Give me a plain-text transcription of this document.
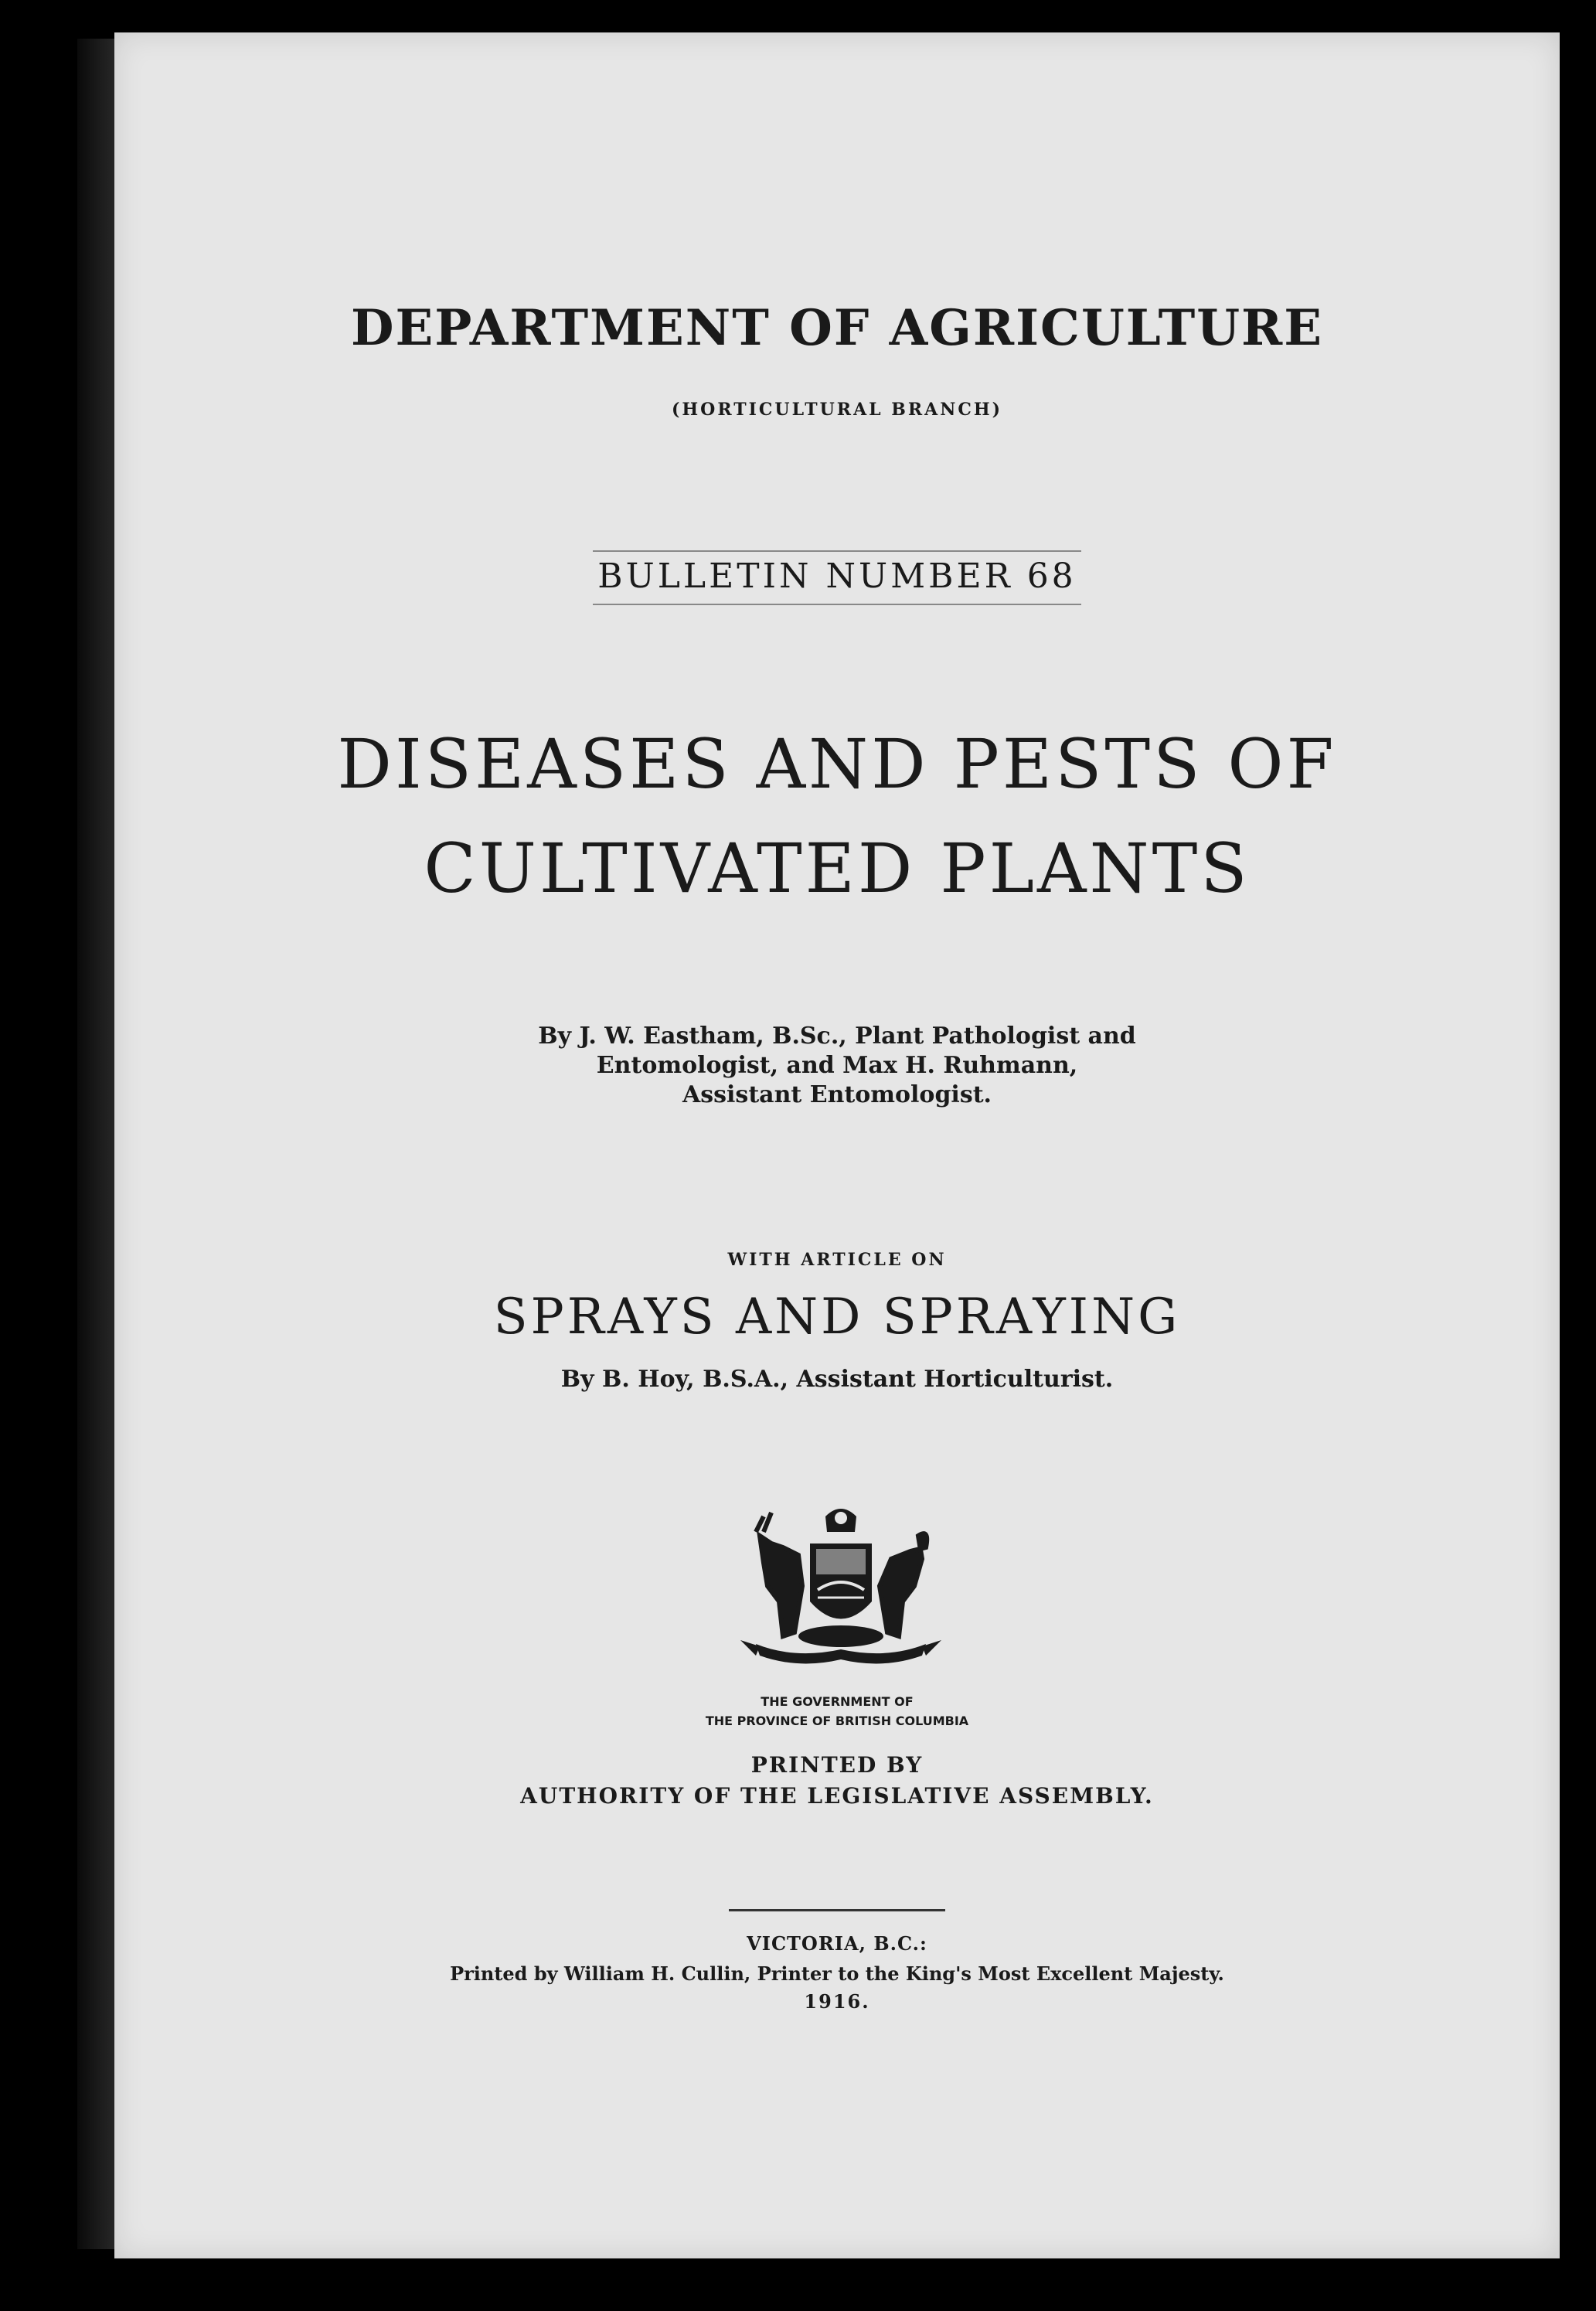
DEPARTMENT OF AGRICULTURE
(HORTICULTURAL BRANCH)
BULLETIN NUMBER 68
DISEASES AND PESTS OF
CULTIVATED PLANTS
By J. W. Eastham, B.Sc., Plant Pathologist and
Entomologist, and Max H. Ruhmann,
Assistant Entomologist.
WITH ARTICLE ON
SPRAYS AND SPRAYING
By B. Hoy, B.S.A., Assistant Horticulturist.
THE GOVERNMENT OF
THE PROVINCE OF BRITISH COLUMBIA
PRINTED BY
AUTHORITY OF THE LEGISLATIVE ASSEMBLY.
VICTORIA, B.C.:
Printed by William H. Cullin, Printer to the King's Most Excellent Majesty.
1916.
